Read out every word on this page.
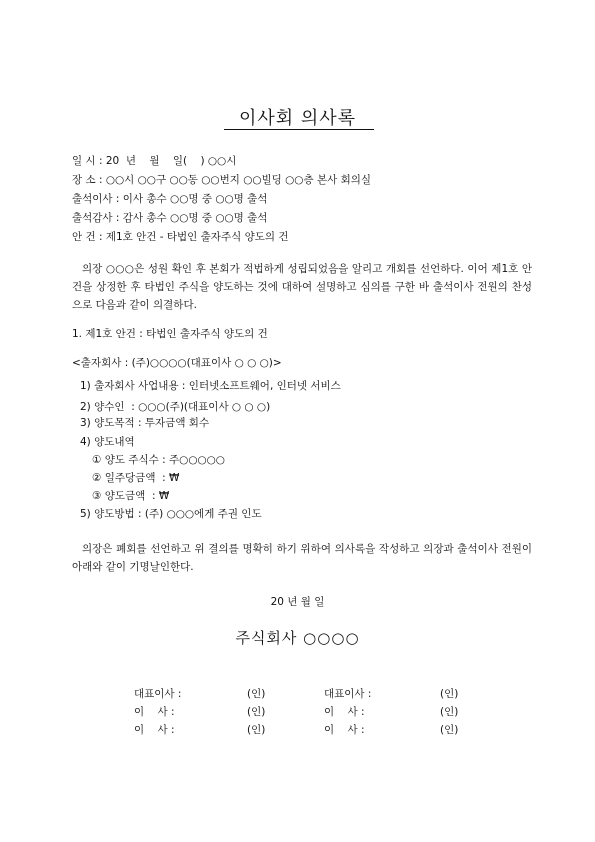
이사회 의사록
일 시 : 20  년    월    일(    ) ○○시
장 소 : ○○시 ○○구 ○○동 ○○번지 ○○빌딩 ○○층 본사 회의실
출석이사 : 이사 총수 ○○명 중 ○○명 출석
출석감사 : 감사 총수 ○○명 중 ○○명 출석
안 건 : 제1호 안건 - 타법인 출자주식 양도의 건

의장 ○○○은 성원 확인 후 본회가 적법하게 성립되었음을 알리고 개회를 선언하다. 이어 제1호 안건을 상정한 후 타법인 주식을 양도하는 것에 대하여 설명하고 심의를 구한 바 출석이사 전원의 찬성으로 다음과 같이 의결하다.

1. 제1호 안건 : 타법인 출자주식 양도의 건
<출자회사 : (주)○○○○(대표이사 ○ ○ ○)>
1) 출자회사 사업내용 : 인터넷소프트웨어, 인터넷 서비스
2) 양수인  : ○○○(주)(대표이사 ○ ○ ○)
3) 양도목적 : 투자금액 회수
4) 양도내역
① 양도 주식수 : 주○○○○○
② 일주당금액  : ₩
③ 양도금액  : ₩
5) 양도방법 : (주) ○○○에게 주권 인도

의장은 폐회를 선언하고 위 결의를 명확히 하기 위하여 의사록을 작성하고 의장과 출석이사 전원이 아래와 같이 기명날인한다.

20 년 월 일
주식회사 ○○○○
대표이사 :	(인)	대표이사 :	(인)
이    사 :	(인)	이    사 :	(인)
이    사 :	(인)	이    사 :	(인)
